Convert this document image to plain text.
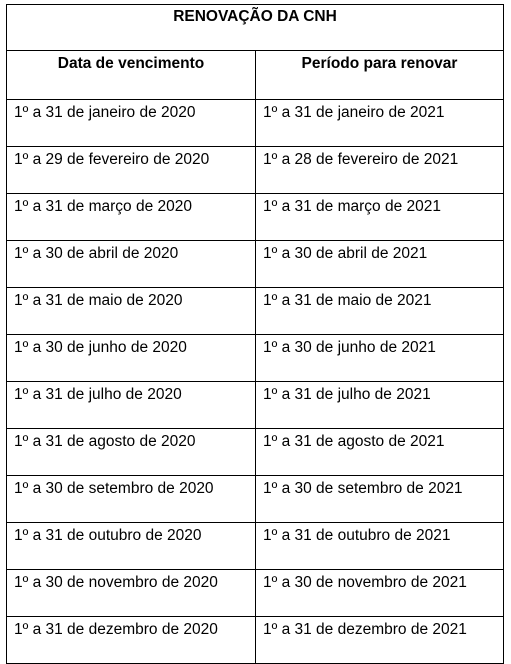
RENOVAÇÃO DA CNH	
Data de vencimento	Período para renovar
1º a 31 de janeiro de 2020	1º a 31 de janeiro de 2021
1º a 29 de fevereiro de 2020	1º a 28 de fevereiro de 2021
1º a 31 de março de 2020	1º a 31 de março de 2021
1º a 30 de abril de 2020	1º a 30 de abril de 2021
1º a 31 de maio de 2020	1º a 31 de maio de 2021
1º a 30 de junho de 2020	1º a 30 de junho de 2021
1º a 31 de julho de 2020	1º a 31 de julho de 2021
1º a 31 de agosto de 2020	1º a 31 de agosto de 2021
1º a 30 de setembro de 2020	1º a 30 de setembro de 2021
1º a 31 de outubro de 2020	1º a 31 de outubro de 2021
1º a 30 de novembro de 2020	1º a 30 de novembro de 2021
1º a 31 de dezembro de 2020	1º a 31 de dezembro de 2021
